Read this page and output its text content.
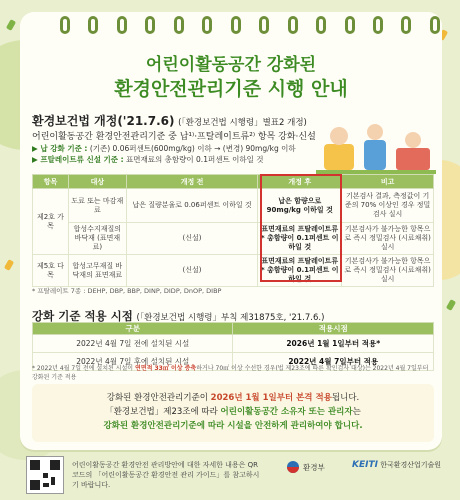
어린이활동공간 강화된
환경안전관리기준 시행 안내
환경보건법 개정('21.7.6) (「환경보건법 시행령」별표2 개정)
어린이활동공간 환경안전관리기준 중 납¹⁾·프탈레이트류²⁾ 항목 강화·신설
▶ 납 강화 기준 : (기존) 0.06퍼센트(600mg/kg) 이하 → (변경) 90mg/kg 이하
▶ 프탈레이트류 신설 기준 : 표면재료의 총함량이 0.1퍼센트 이하일 것
항목	대상	개정 전	개정 후	비고
제2호 가목	도료 또는 마감재료	납은 질량분율로 0.06퍼센트 이하일 것	납은 함량으로 90mg/kg 이하일 것	기본검사 결과, 측정값이 기준의 70% 이상인 경우 정밀검사 실시
	합성수지재질의 바닥재 (표면재료)	(신설)	표면재료의 프탈레이트류* 총함량이 0.1퍼센트 이하일 것	기본검사가 불가능한 항목으로 즉시 정밀검사 (시료채취) 실시
제5호 다목	합성고무재질 바닥재의 표면재료	(신설)	표면재료의 프탈레이트류* 총함량이 0.1퍼센트 이하일 것	기본검사가 불가능한 항목으로 즉시 정밀검사 (시료채취) 실시
* 프탈레이트 7종 : DEHP, DBP, BBP, DINP, DIDP, DnOP, DIBP
강화 기준 적용 시점 (「환경보건법 시행령」부칙 제31875호, '21.7.6.)
구분	적용시점
2022년 4월 7일 전에 설치된 시설	2026년 1월 1일부터 적용*
2022년 4월 7일 후에 설치된 시설	2022년 4월 7일부터 적용
* 2022년 4월 7일 전에 설치된 시설이 연면적 33㎡ 이상 증축하거나 70㎡ 이상 수선한 경우(법 제23조에 따른 확인검사 대상)는 2022년 4월 7일부터 강화된 기준 적용
강화된 환경안전관리기준이 2026년 1월 1일부터 본격 적용됩니다.
「환경보건법」제23조에 따라 어린이활동공간 소유자 또는 관리자는
강화된 환경안전관리기준에 따라 시설을 안전하게 관리하여야 합니다.
어린이활동공간 환경안전 관리방안에 대한 자세한 내용은 QR코드의 「어린이활동공간 환경안전 관리 가이드」를 참고하시기 바랍니다.
환경부	KEITI 한국환경산업기술원
